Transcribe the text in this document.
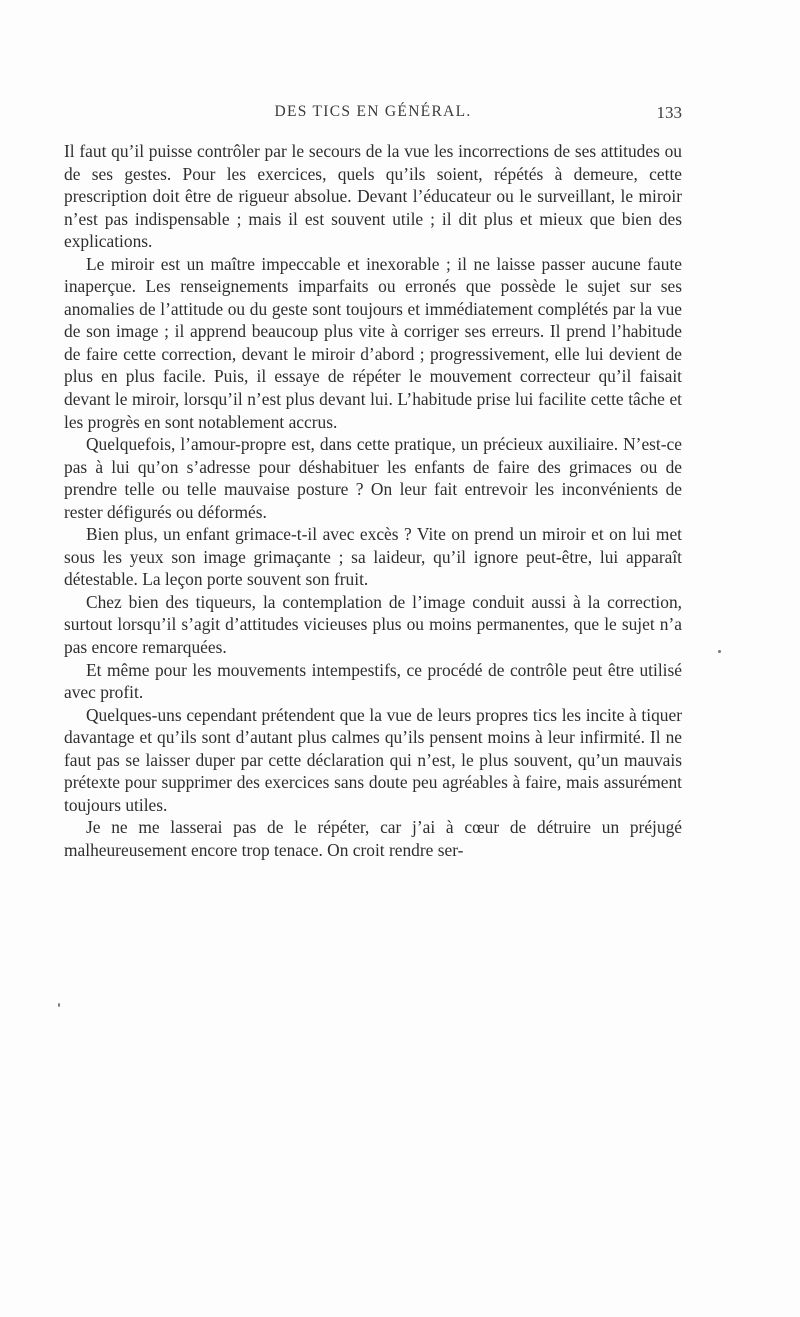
DES TICS EN GÉNÉRAL.	133

Il faut qu’il puisse contrôler par le secours de la vue les incorrections de ses attitudes ou de ses gestes. Pour les exercices, quels qu’ils soient, répétés à demeure, cette prescription doit être de rigueur absolue. Devant l’éducateur ou le surveillant, le miroir n’est pas indispensable ; mais il est souvent utile ; il dit plus et mieux que bien des explications.

Le miroir est un maître impeccable et inexorable ; il ne laisse passer aucune faute inaperçue. Les renseignements imparfaits ou erronés que possède le sujet sur ses anomalies de l’attitude ou du geste sont toujours et immédiatement complétés par la vue de son image ; il apprend beaucoup plus vite à corriger ses erreurs. Il prend l’habitude de faire cette correction, devant le miroir d’abord ; progressivement, elle lui devient de plus en plus facile. Puis, il essaye de répéter le mouvement correcteur qu’il faisait devant le miroir, lorsqu’il n’est plus devant lui. L’habitude prise lui facilite cette tâche et les progrès en sont notablement accrus.

Quelquefois, l’amour-propre est, dans cette pratique, un précieux auxiliaire. N’est-ce pas à lui qu’on s’adresse pour déshabituer les enfants de faire des grimaces ou de prendre telle ou telle mauvaise posture ? On leur fait entrevoir les inconvénients de rester défigurés ou déformés.

Bien plus, un enfant grimace-t-il avec excès ? Vite on prend un miroir et on lui met sous les yeux son image grimaçante ; sa laideur, qu’il ignore peut-être, lui apparaît détestable. La leçon porte souvent son fruit.

Chez bien des tiqueurs, la contemplation de l’image conduit aussi à la correction, surtout lorsqu’il s’agit d’attitudes vicieuses plus ou moins permanentes, que le sujet n’a pas encore remarquées.

Et même pour les mouvements intempestifs, ce procédé de contrôle peut être utilisé avec profit.

Quelques-uns cependant prétendent que la vue de leurs propres tics les incite à tiquer davantage et qu’ils sont d’autant plus calmes qu’ils pensent moins à leur infirmité. Il ne faut pas se laisser duper par cette déclaration qui n’est, le plus souvent, qu’un mauvais prétexte pour supprimer des exercices sans doute peu agréables à faire, mais assurément toujours utiles.

Je ne me lasserai pas de le répéter, car j’ai à cœur de détruire un préjugé malheureusement encore trop tenace. On croit rendre ser-
